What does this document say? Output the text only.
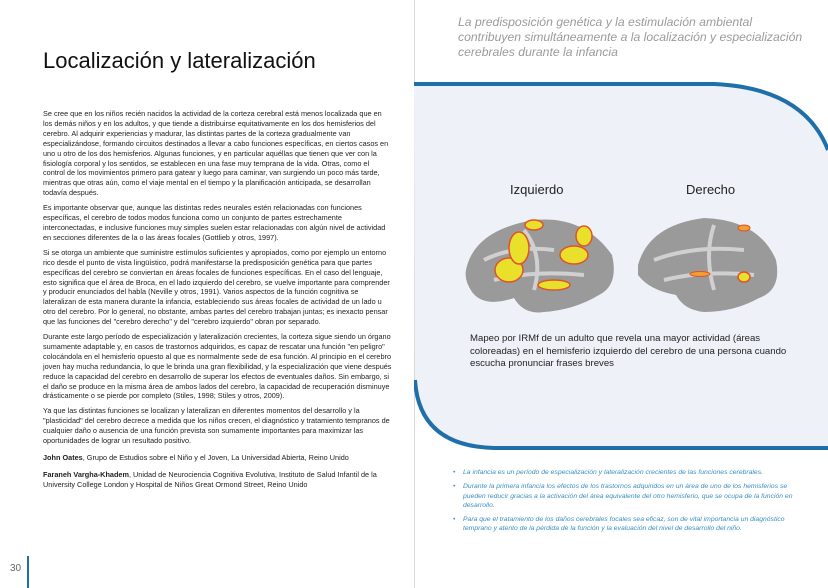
Localización y lateralización
La predisposición genética y la estimulación ambiental contribuyen simultáneamente a la localización y especialización cerebrales durante la infancia

Se cree que en los niños recién nacidos la actividad de la corteza cerebral está menos localizada que en los demás niños y en los adultos, y que tiende a distribuirse equitativamente en los dos hemisferios del cerebro. Al adquirir experiencias y madurar, las distintas partes de la corteza gradualmente van especializándose, formando circuitos destinados a llevar a cabo funciones específicas, en ciertos casos en uno u otro de los dos hemisferios. Algunas funciones, y en particular aquéllas que tienen que ver con la fisiología corporal y los sentidos, se establecen en una fase muy temprana de la vida. Otras, como el control de los movimientos primero para gatear y luego para caminar, van surgiendo un poco más tarde, mientras que otras aún, como el viaje mental en el tiempo y la planificación anticipada, se desarrollan todavía después.

Es importante observar que, aunque las distintas redes neurales estén relacionadas con funciones específicas, el cerebro de todos modos funciona como un conjunto de partes estrechamente interconectadas, e inclusive funciones muy simples suelen estar relacionadas con algún nivel de actividad en secciones diferentes de la o las áreas focales (Gottlieb y otros, 1997).

Si se otorga un ambiente que suministre estímulos suficientes y apropiados, como por ejemplo un entorno rico desde el punto de vista lingüístico, podrá manifestarse la predisposición genética para que partes específicas del cerebro se conviertan en áreas focales de funciones específicas. En el caso del lenguaje, esto significa que el área de Broca, en el lado izquierdo del cerebro, se vuelve importante para comprender y producir enunciados del habla (Neville y otros, 1991). Varios aspectos de la función cognitiva se lateralizan de esta manera durante la infancia, estableciendo sus áreas focales de actividad de un lado u otro del cerebro. Por lo general, no obstante, ambas partes del cerebro trabajan juntas; es inexacto pensar que las funciones del "cerebro derecho" y del "cerebro izquierdo" obran por separado.

Durante este largo período de especialización y lateralización crecientes, la corteza sigue siendo un órgano sumamente adaptable y, en casos de trastornos adquiridos, es capaz de rescatar una función "en peligro" colocándola en el hemisferio opuesto al que es normalmente sede de esa función. Al principio en el cerebro joven hay mucha redundancia, lo que le brinda una gran flexibilidad, y la especialización que viene después reduce la capacidad del cerebro en desarrollo de superar los efectos de eventuales daños. Sin embargo, si el daño se produce en la misma área de ambos lados del cerebro, la capacidad de recuperación disminuye drásticamente o se pierde por completo (Stiles, 1998; Stiles y otros, 2009).

Ya que las distintas funciones se localizan y lateralizan en diferentes momentos del desarrollo y la "plasticidad" del cerebro decrece a medida que los niños crecen, el diagnóstico y tratamiento tempranos de cualquier daño o ausencia de una función prevista son sumamente importantes para maximizar las oportunidades de lograr un resultado positivo.

John Oates, Grupo de Estudios sobre el Niño y el Joven, La Universidad Abierta, Reino Unido

Faraneh Vargha-Khadem, Unidad de Neurociencia Cognitiva Evolutiva, Instituto de Salud Infantil de la University College London y Hospital de Niños Great Ormond Street, Reino Unido

Izquierdo	Derecho
Mapeo por IRMf de un adulto que revela una mayor actividad (áreas coloreadas) en el hemisferio izquierdo del cerebro de una persona cuando escucha pronunciar frases breves
• La infancia es un período de especialización y lateralización crecientes de las funciones cerebrales.
• Durante la primera infancia los efectos de los trastornos adquiridos en un área de uno de los hemisferios se pueden reducir gracias a la activación del área equivalente del otro hemisferio, que se ocupa de la función en desarrollo.
• Para que el tratamiento de los daños cerebrales focales sea eficaz, son de vital importancia un diagnóstico temprano y atento de la pérdida de la función y la evaluación del nivel de desarrollo del niño.
30
